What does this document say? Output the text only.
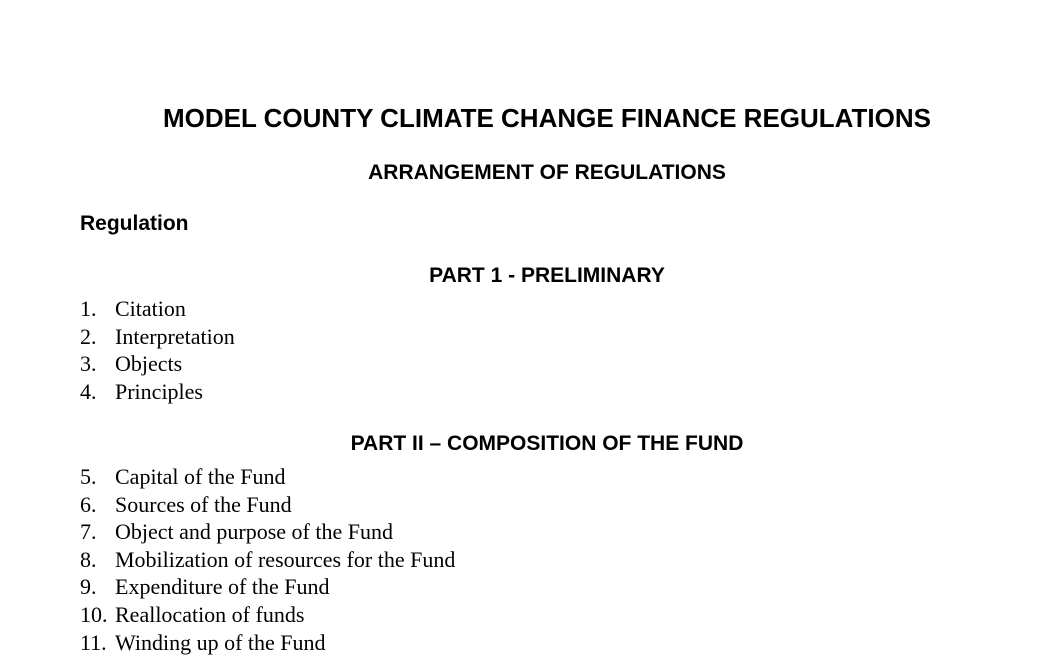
MODEL COUNTY CLIMATE CHANGE FINANCE REGULATIONS
ARRANGEMENT OF REGULATIONS
Regulation
PART 1 - PRELIMINARY
1. Citation
2. Interpretation
3. Objects
4. Principles
PART II – COMPOSITION OF THE FUND
5. Capital of the Fund
6. Sources of the Fund
7. Object and purpose of the Fund
8. Mobilization of resources for the Fund
9. Expenditure of the Fund
10. Reallocation of funds
11. Winding up of the Fund
